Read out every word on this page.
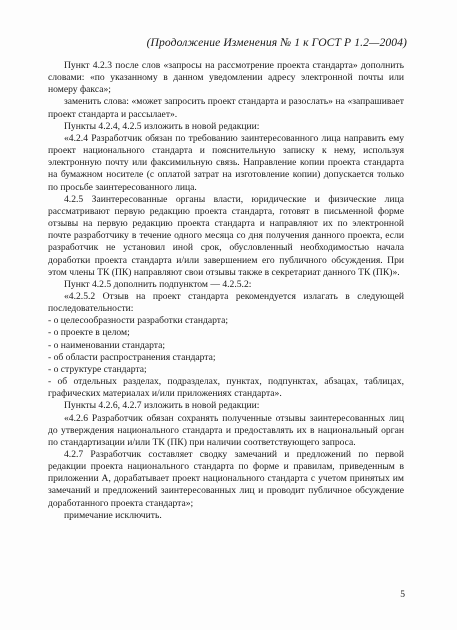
(Продолжение Изменения № 1 к ГОСТ Р 1.2—2004)

Пункт 4.2.3 после слов «запросы на рассмотрение проекта стандарта» дополнить словами: «по указанному в данном уведомлении адресу электронной почты или номеру факса»;

заменить слова: «может запросить проект стандарта и разослать» на «запрашивает проект стандарта и рассылает».

Пункты 4.2.4, 4.2.5 изложить в новой редакции:

«4.2.4 Разработчик обязан по требованию заинтересованного лица направить ему проект национального стандарта и пояснительную записку к нему, используя электронную почту или факсимильную связь. Направление копии проекта стандарта на бумажном носителе (с оплатой затрат на изготовление копии) допускается только по просьбе заинтересованного лица.

4.2.5 Заинтересованные органы власти, юридические и физические лица рассматривают первую редакцию проекта стандарта, готовят в письменной форме отзывы на первую редакцию проекта стандарта и направляют их по электронной почте разработчику в течение одного месяца со дня получения данного проекта, если разработчик не установил иной срок, обусловленный необходимостью начала доработки проекта стандарта и/или завершением его публичного обсуждения. При этом члены ТК (ПК) направляют свои отзывы также в секретариат данного ТК (ПК)».

Пункт 4.2.5 дополнить подпунктом — 4.2.5.2:

«4.2.5.2 Отзыв на проект стандарта рекомендуется излагать в следующей последовательности:

- о целесообразности разработки стандарта;

- о проекте в целом;

- о наименовании стандарта;

- об области распространения стандарта;

- о структуре стандарта;

- об отдельных разделах, подразделах, пунктах, подпунктах, абзацах, таблицах, графических материалах и/или приложениях стандарта».

Пункты 4.2.6, 4.2.7 изложить в новой редакции:

«4.2.6 Разработчик обязан сохранять полученные отзывы заинтересованных лиц до утверждения национального стандарта и предоставлять их в национальный орган по стандартизации и/или ТК (ПК) при наличии соответствующего запроса.

4.2.7 Разработчик составляет сводку замечаний и предложений по первой редакции проекта национального стандарта по форме и правилам, приведенным в приложении А, дорабатывает проект национального стандарта с учетом принятых им замечаний и предложений заинтересованных лиц и проводит публичное обсуждение доработанного проекта стандарта»;

примечание исключить.

5
